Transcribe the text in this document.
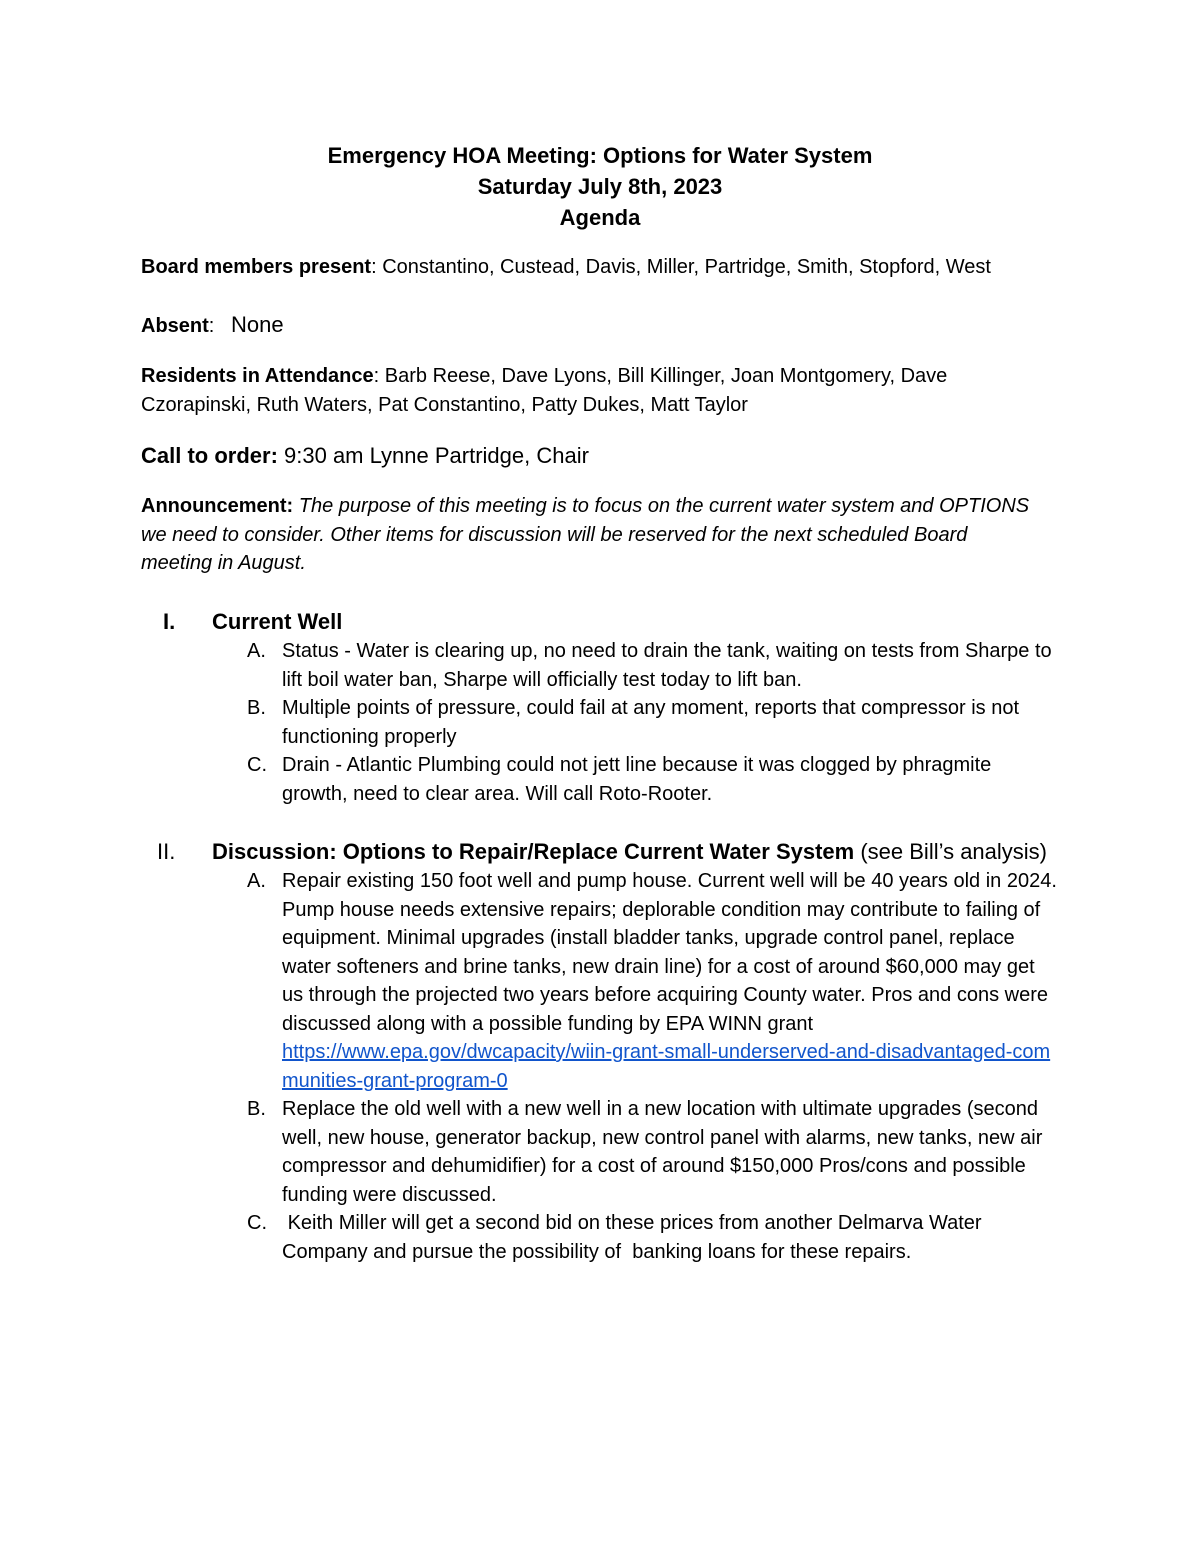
Emergency HOA Meeting: Options for Water System
Saturday July 8th, 2023
Agenda
Board members present: Constantino, Custead, Davis, Miller, Partridge, Smith, Stopford, West
Absent:   None
Residents in Attendance: Barb Reese, Dave Lyons, Bill Killinger, Joan Montgomery, Dave Czorapinski, Ruth Waters, Pat Constantino, Patty Dukes, Matt Taylor
Call to order: 9:30 am Lynne Partridge, Chair
Announcement: The purpose of this meeting is to focus on the current water system and OPTIONS we need to consider. Other items for discussion will be reserved for the next scheduled Board meeting in August.
I.	Current Well
A. Status - Water is clearing up, no need to drain the tank, waiting on tests from Sharpe to lift boil water ban, Sharpe will officially test today to lift ban.
B. Multiple points of pressure, could fail at any moment, reports that compressor is not functioning properly
C. Drain - Atlantic Plumbing could not jett line because it was clogged by phragmite growth, need to clear area. Will call Roto-Rooter.
II.	Discussion: Options to Repair/Replace Current Water System (see Bill’s analysis)
A. Repair existing 150 foot well and pump house. Current well will be 40 years old in 2024. Pump house needs extensive repairs; deplorable condition may contribute to failing of equipment. Minimal upgrades (install bladder tanks, upgrade control panel, replace water softeners and brine tanks, new drain line) for a cost of around $60,000 may get us through the projected two years before acquiring County water. Pros and cons were discussed along with a possible funding by EPA WINN grant
https://www.epa.gov/dwcapacity/wiin-grant-small-underserved-and-disadvantaged-communities-grant-program-0
B. Replace the old well with a new well in a new location with ultimate upgrades (second well, new house, generator backup, new control panel with alarms, new tanks, new air compressor and dehumidifier) for a cost of around $150,000 Pros/cons and possible funding were discussed.
C. Keith Miller will get a second bid on these prices from another Delmarva Water Company and pursue the possibility of  banking loans for these repairs.
